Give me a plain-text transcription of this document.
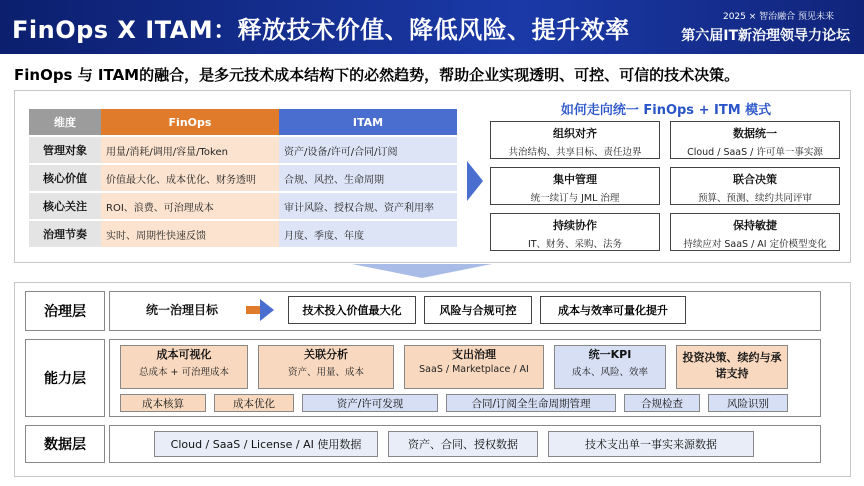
FinOps X ITAM：释放技术价值、降低风险、提升效率	2025 × 智治融合 预见未来
第六届IT新治理领导力论坛
FinOps 与 ITAM的融合，是多元技术成本结构下的必然趋势，帮助企业实现透明、可控、可信的技术决策。
维度	FinOps	ITAM
管理对象	用量/消耗/调用/容量/Token	资产/设备/许可/合同/订阅
核心价值	价值最大化、成本优化、财务透明	合规、风控、生命周期
核心关注	ROI、浪费、可治理成本	审计风险、授权合规、资产利用率
治理节奏	实时、周期性快速反馈	月度、季度、年度
如何走向统一 FinOps + ITM 模式
组织对齐
共治结构、共享目标、责任边界
数据统一
Cloud / SaaS / 许可单一事实源
集中管理
统一续订与 JML 治理
联合决策
预算、预测、续约共同评审
持续协作
IT、财务、采购、法务
保持敏捷
持续应对 SaaS / AI 定价模型变化
治理层	统一治理目标	技术投入价值最大化	风险与合规可控	成本与效率可量化提升
能力层
成本可视化
总成本 + 可治理成本
关联分析
资产、用量、成本
支出治理
SaaS / Marketplace / AI
统一KPI
成本、风险、效率
投资决策、续约与承诺支持
成本核算	成本优化	资产/许可发现	合同/订阅全生命周期管理	合规检查	风险识别
数据层	Cloud / SaaS / License / AI 使用数据	资产、合同、授权数据	技术支出单一事实来源数据
